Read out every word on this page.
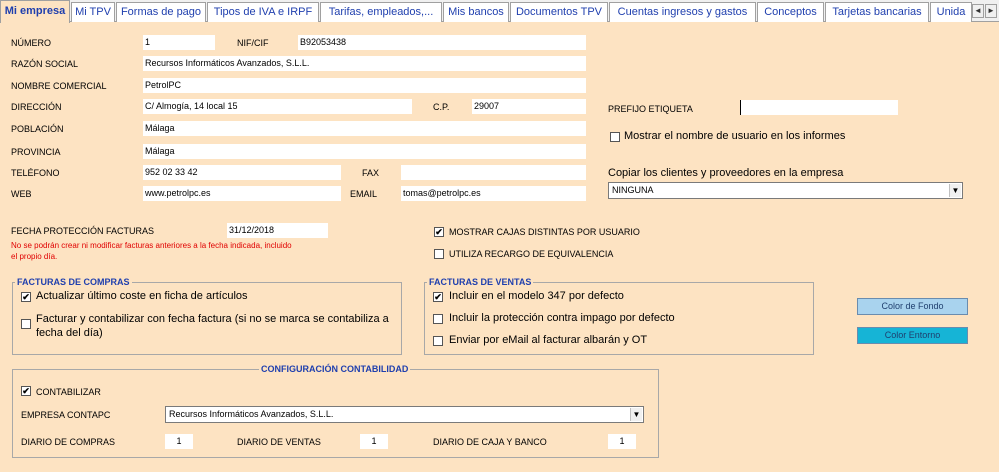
Mi empresa Mi TPV Formas de pago	Tipos de IVA e IRPF	Tarifas, empleados,...	Mis bancos	Documentos TPV	Cuentas ingresos y gastos	Conceptos	Tarjetas bancarias	Unida	◄ ►
NÚMERO	1	NIF/CIF	B92053438
RAZÓN SOCIAL	Recursos Informáticos Avanzados, S.L.L.
NOMBRE COMERCIAL	PetrolPC
DIRECCIÓN	C/ Almogía, 14 local 15	C.P.	29007
POBLACIÓN	Málaga
PROVINCIA	Málaga
TELÉFONO	952 02 33 42	FAX
WEB	www.petrolpc.es	EMAIL	tomas@petrolpc.es
PREFIJO ETIQUETA
Mostrar el nombre de usuario en los informes
Copiar los clientes y proveedores en la empresa
NINGUNA	▼
FECHA PROTECCIÓN FACTURAS	31/12/2018
No se podrán crear ni modificar facturas anteriores a la fecha indicada, incluido
el propio día.
✔ MOSTRAR CAJAS DISTINTAS POR USUARIO
UTILIZA RECARGO DE EQUIVALENCIA
FACTURAS DE COMPRAS
✔ Actualizar último coste en ficha de artículos
Facturar y contabilizar con fecha factura (si no se marca se contabiliza a
fecha del día)
FACTURAS DE VENTAS
✔ Incluir en el modelo 347 por defecto
Incluir la protección contra impago por defecto
Enviar por eMail al facturar albarán y OT
Color de Fondo
Color Entorno
CONFIGURACIÓN CONTABILIDAD
✔ CONTABILIZAR
EMPRESA CONTAPC	Recursos Informáticos Avanzados, S.L.L.	▼
DIARIO DE COMPRAS	1	DIARIO DE VENTAS	1	DIARIO DE CAJA Y BANCO	1
